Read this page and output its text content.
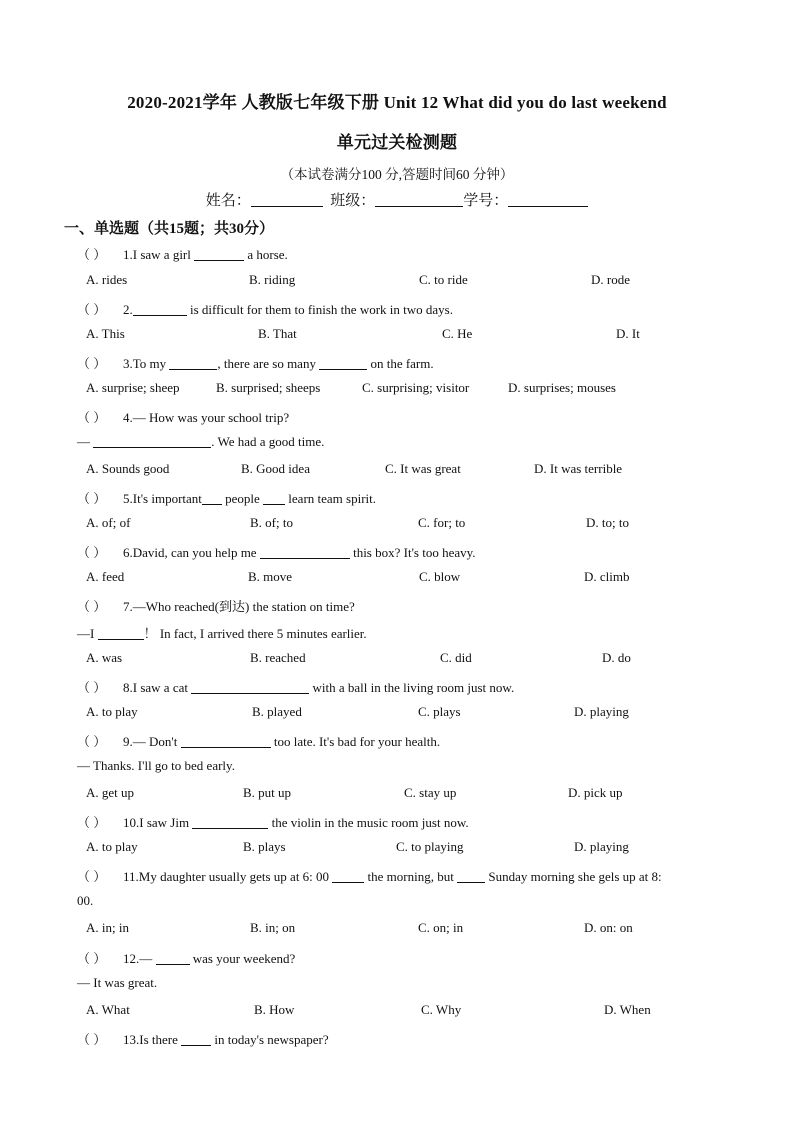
2020-2021学年 人教版七年级下册 Unit 12 What did you do last weekend
单元过关检测题
（本试卷满分100 分,答题时间60 分钟）
姓名：	班级：	学号：
一、单选题（共15题；共30分）
（ ） 1.I saw a girl	a horse.
A. rides	B. riding	C. to ride	D. rode
（ ） 2.	is difficult for them to finish the work in two days.
A. This	B. That	C. He	D. It
（ ） 3.To my	, there are so many	on the farm.
A. surprise; sheep	B. surprised; sheeps	C. surprising; visitor	D. surprises; mouses
（ ） 4.— How was your school trip?
—	. We had a good time.
A. Sounds good	B. Good idea	C. It was great	D. It was terrible
（ ） 5.It's important people  learn team spirit.
A. of; of	B. of; to	C. for; to	D. to; to
（ ） 6.David, can you help me	this box? It's too heavy.
A. feed	B. move	C. blow	D. climb
（ ） 7.—Who reached(到达) the station on time?
—I	！ In fact, I arrived there 5 minutes earlier.
A. was	B. reached	C. did	D. do
（ ） 8.I saw a cat	with a ball in the living room just now.
A. to play	B. played	C. plays	D. playing
（ ） 9.— Don't	too late. It's bad for your health.
— Thanks. I'll go to bed early.
A. get up	B. put up	C. stay up	D. pick up
（ ） 10.I saw Jim	the violin in the music room just now.
A. to play	B. plays	C. to playing	D. playing
（ ） 11.My daughter usually gets up at 6: 00  the morning, but  Sunday morning she gels up at 8:
00.
A. in; in	B. in; on	C. on; in	D. on: on
（ ） 12.—	was your weekend?
— It was great.
A. What	B. How	C. Why	D. When
（ ） 13.Is there  in today's newspaper?
